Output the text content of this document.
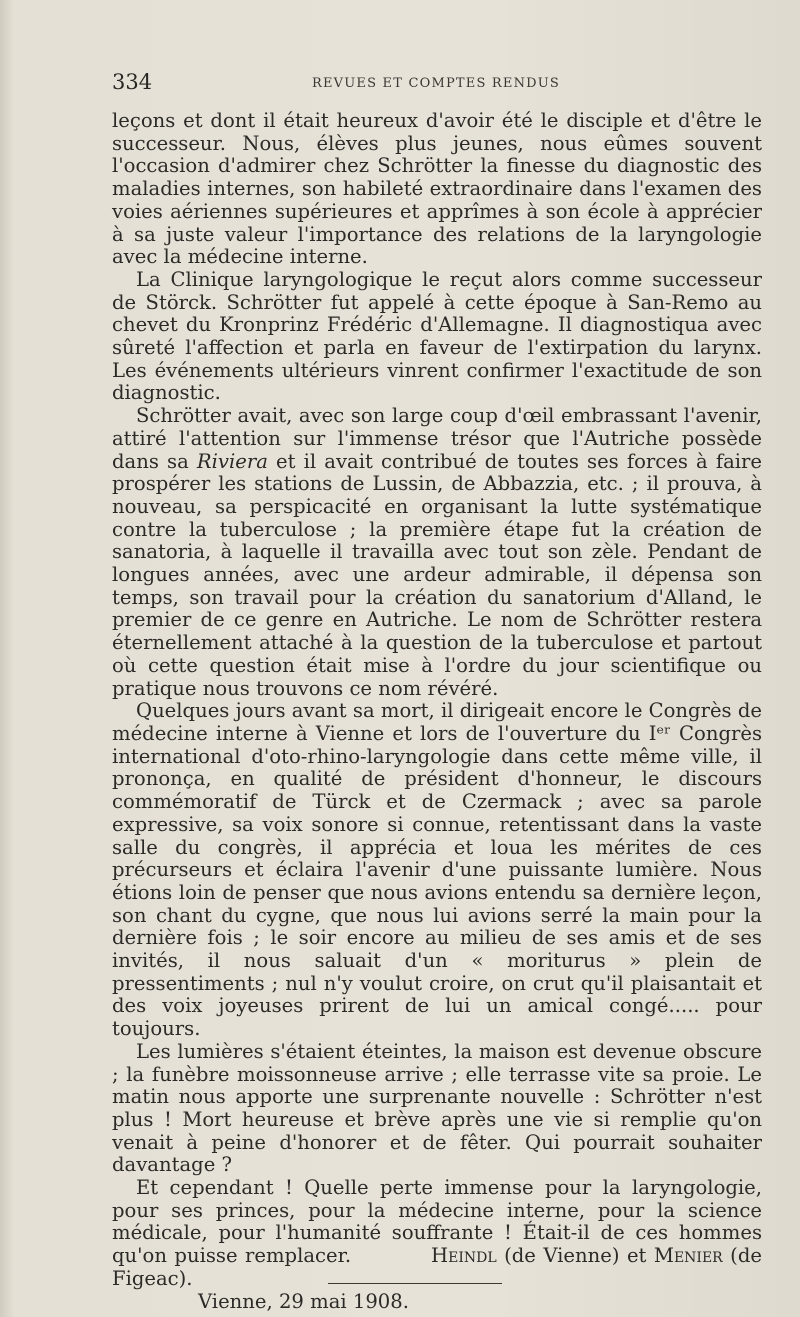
334	REVUES ET COMPTES RENDUS

leçons et dont il était heureux d'avoir été le disciple et d'être le successeur. Nous, élèves plus jeunes, nous eûmes souvent l'occasion d'admirer chez Schrötter la finesse du diagnostic des maladies internes, son habileté extraordinaire dans l'examen des voies aériennes supérieures et apprîmes à son école à apprécier à sa juste valeur l'importance des relations de la laryngologie avec la médecine interne.

La Clinique laryngologique le reçut alors comme successeur de Störck. Schrötter fut appelé à cette époque à San-Remo au chevet du Kronprinz Frédéric d'Allemagne. Il diagnostiqua avec sûreté l'affection et parla en faveur de l'extirpation du larynx. Les événements ultérieurs vinrent confirmer l'exactitude de son diagnostic.

Schrötter avait, avec son large coup d'œil embrassant l'avenir, attiré l'attention sur l'immense trésor que l'Autriche possède dans sa Riviera et il avait contribué de toutes ses forces à faire prospérer les stations de Lussin, de Abbazzia, etc. ; il prouva, à nouveau, sa perspicacité en organisant la lutte systématique contre la tuberculose ; la première étape fut la création de sanatoria, à laquelle il travailla avec tout son zèle. Pendant de longues années, avec une ardeur admirable, il dépensa son temps, son travail pour la création du sanatorium d'Alland, le premier de ce genre en Autriche. Le nom de Schrötter restera éternellement attaché à la question de la tuberculose et partout où cette question était mise à l'ordre du jour scientifique ou pratique nous trouvons ce nom révéré.

Quelques jours avant sa mort, il dirigeait encore le Congrès de médecine interne à Vienne et lors de l'ouverture du Iᵉʳ Congrès international d'oto-rhino-laryngologie dans cette même ville, il prononça, en qualité de président d'honneur, le discours commémoratif de Türck et de Czermack ; avec sa parole expressive, sa voix sonore si connue, retentissant dans la vaste salle du congrès, il apprécia et loua les mérites de ces précurseurs et éclaira l'avenir d'une puissante lumière. Nous étions loin de penser que nous avions entendu sa dernière leçon, son chant du cygne, que nous lui avions serré la main pour la dernière fois ; le soir encore au milieu de ses amis et de ses invités, il nous saluait d'un « moriturus » plein de pressentiments ; nul n'y voulut croire, on crut qu'il plaisantait et des voix joyeuses prirent de lui un amical congé..... pour toujours.

Les lumières s'étaient éteintes, la maison est devenue obscure ; la funèbre moissonneuse arrive ; elle terrasse vite sa proie. Le matin nous apporte une surprenante nouvelle : Schrötter n'est plus ! Mort heureuse et brève après une vie si remplie qu'on venait à peine d'honorer et de fêter. Qui pourrait souhaiter davantage ?

Et cependant ! Quelle perte immense pour la laryngologie, pour ses princes, pour la médecine interne, pour la science médicale, pour l'humanité souffrante ! Était-il de ces hommes qu'on puisse remplacer.	Heindl (de Vienne) et Menier (de Figeac).

Vienne, 29 mai 1908.
